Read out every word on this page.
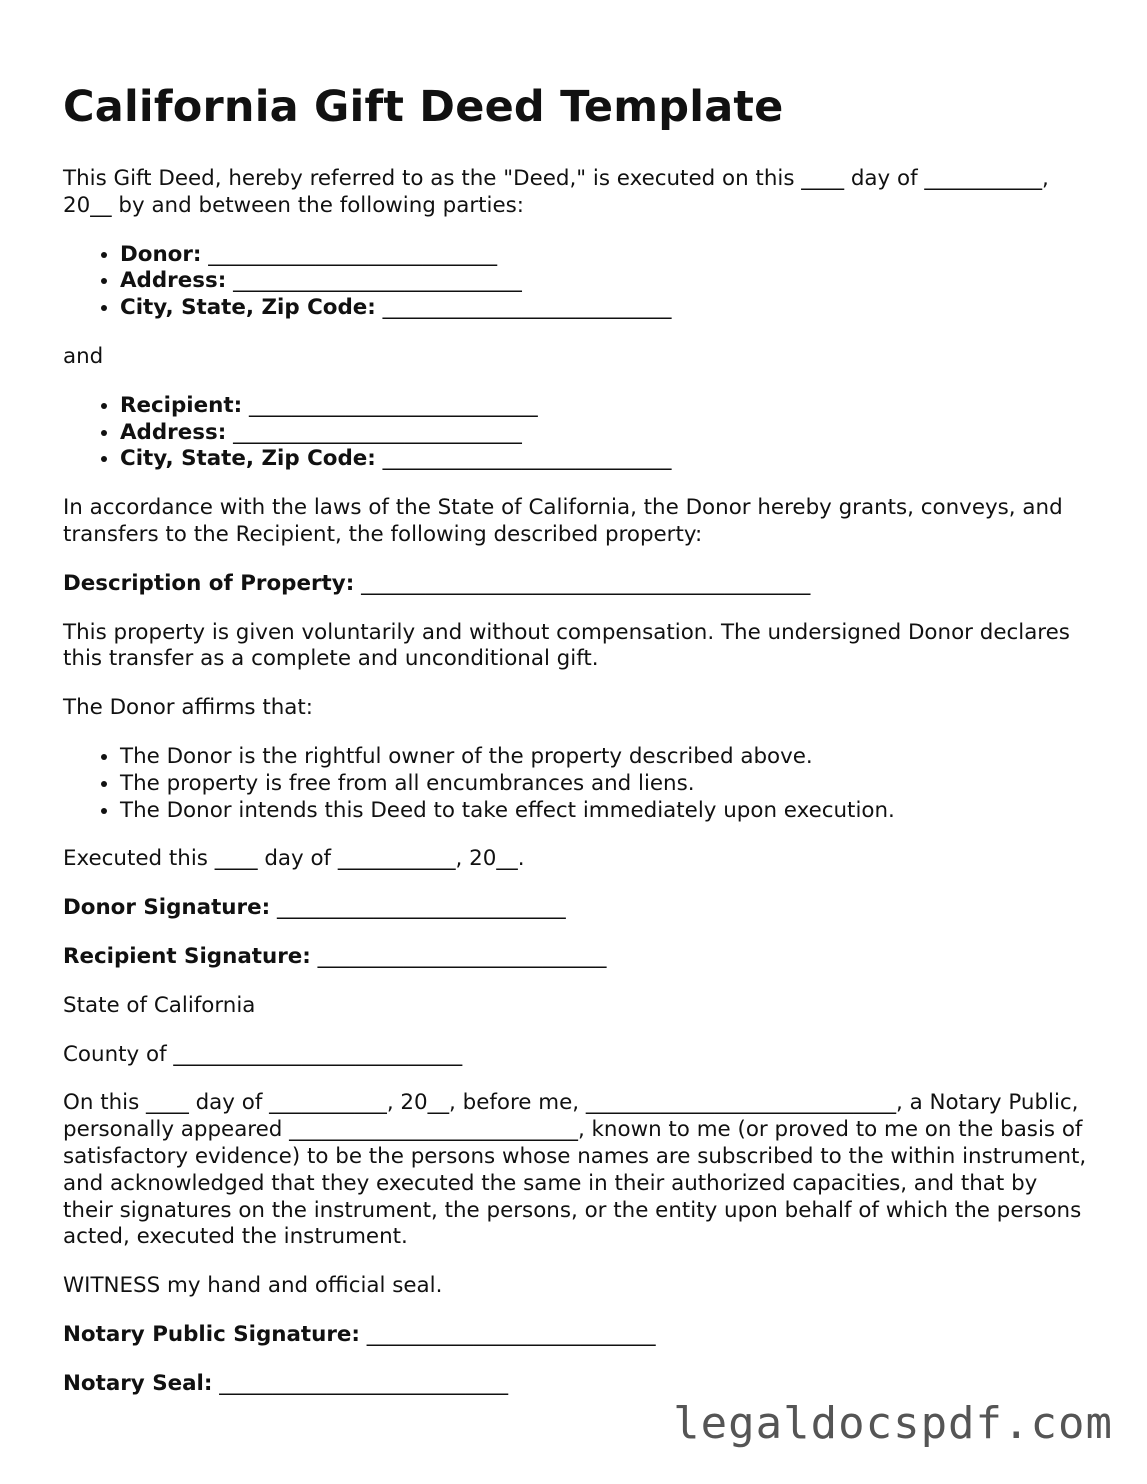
California Gift Deed Template

This Gift Deed, hereby referred to as the "Deed," is executed on this ____ day of ___________, 20__ by and between the following parties:

• Donor: ___________________________
• Address: ___________________________
• City, State, Zip Code: ___________________________

and

• Recipient: ___________________________
• Address: ___________________________
• City, State, Zip Code: ___________________________

In accordance with the laws of the State of California, the Donor hereby grants, conveys, and transfers to the Recipient, the following described property:

Description of Property: __________________________________________

This property is given voluntarily and without compensation. The undersigned Donor declares this transfer as a complete and unconditional gift.

The Donor affirms that:

• The Donor is the rightful owner of the property described above.
• The property is free from all encumbrances and liens.
• The Donor intends this Deed to take effect immediately upon execution.

Executed this ____ day of ___________, 20__.

Donor Signature: ___________________________

Recipient Signature: ___________________________

State of California

County of ___________________________

On this ____ day of ___________, 20__, before me, _____________________________, a Notary Public, personally appeared ___________________________, known to me (or proved to me on the basis of satisfactory evidence) to be the persons whose names are subscribed to the within instrument, and acknowledged that they executed the same in their authorized capacities, and that by their signatures on the instrument, the persons, or the entity upon behalf of which the persons acted, executed the instrument.

WITNESS my hand and official seal.

Notary Public Signature: ___________________________

Notary Seal: ___________________________

legaldocspdf.com
